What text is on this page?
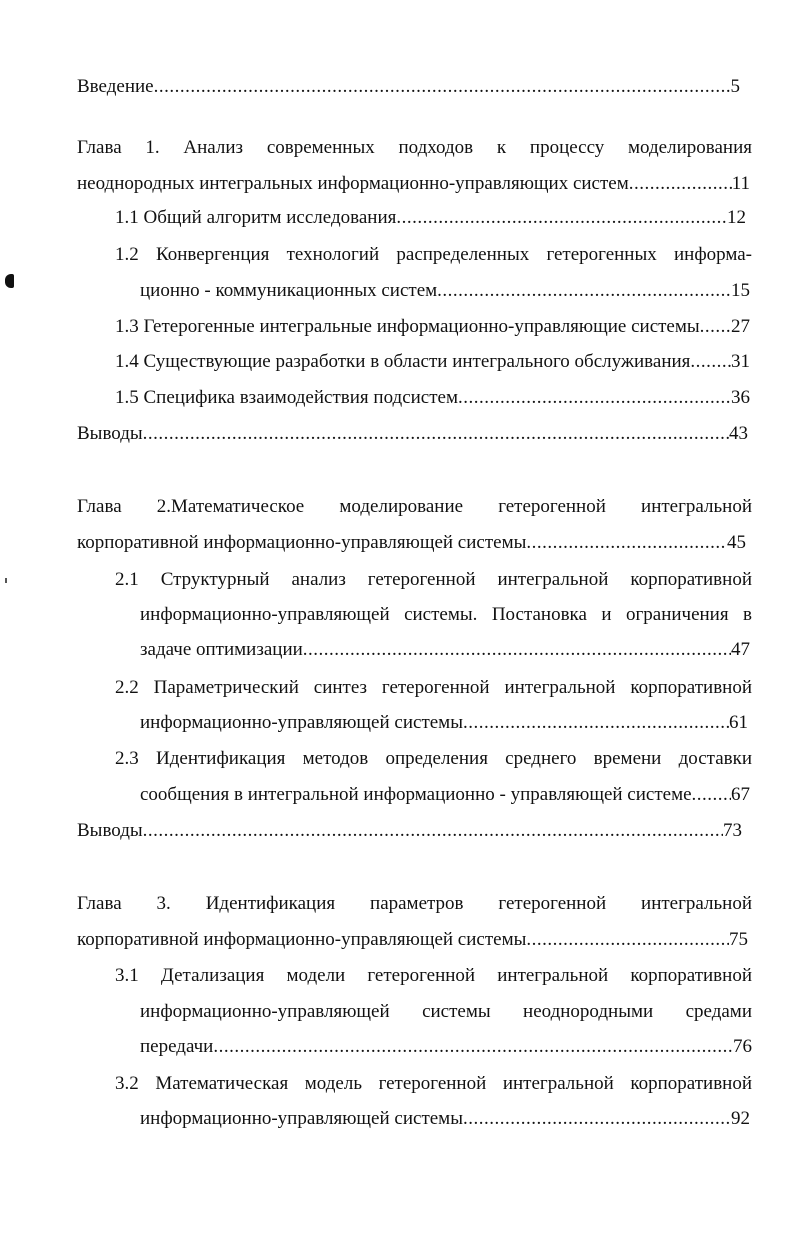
Введение .....	5
Глава 1. Анализ современных подходов к процессу моделирования
неоднородных интегральных информационно-управляющих систем .....	11
1.1 Общий алгоритм исследования .....	12
1.2 Конвергенция технологий распределенных гетерогенных информа-
ционно - коммуникационных систем .....	15
1.3 Гетерогенные интегральные информационно-управляющие системы ..... 27
1.4 Существующие разработки в области интегрального обслуживания ..... 31
1.5 Специфика взаимодействия подсистем .....	36
Выводы .....	43
Глава 2.Математическое моделирование гетерогенной интегральной
корпоративной информационно-управляющей системы .....	45
2.1 Структурный анализ гетерогенной интегральной корпоративной
информационно-управляющей системы. Постановка и ограничения в
задаче оптимизации .....	47
2.2 Параметрический синтез гетерогенной интегральной корпоративной
информационно-управляющей системы .....	61
2.3 Идентификация методов определения среднего времени доставки
сообщения в интегральной информационно - управляющей системе ..... 67
Выводы .....	73
Глава 3. Идентификация параметров гетерогенной интегральной
корпоративной информационно-управляющей системы .....	75
3.1 Детализация модели гетерогенной интегральной корпоративной
информационно-управляющей системы неоднородными средами
передачи .....	76
3.2 Математическая модель гетерогенной интегральной корпоративной
информационно-управляющей системы .....	92
